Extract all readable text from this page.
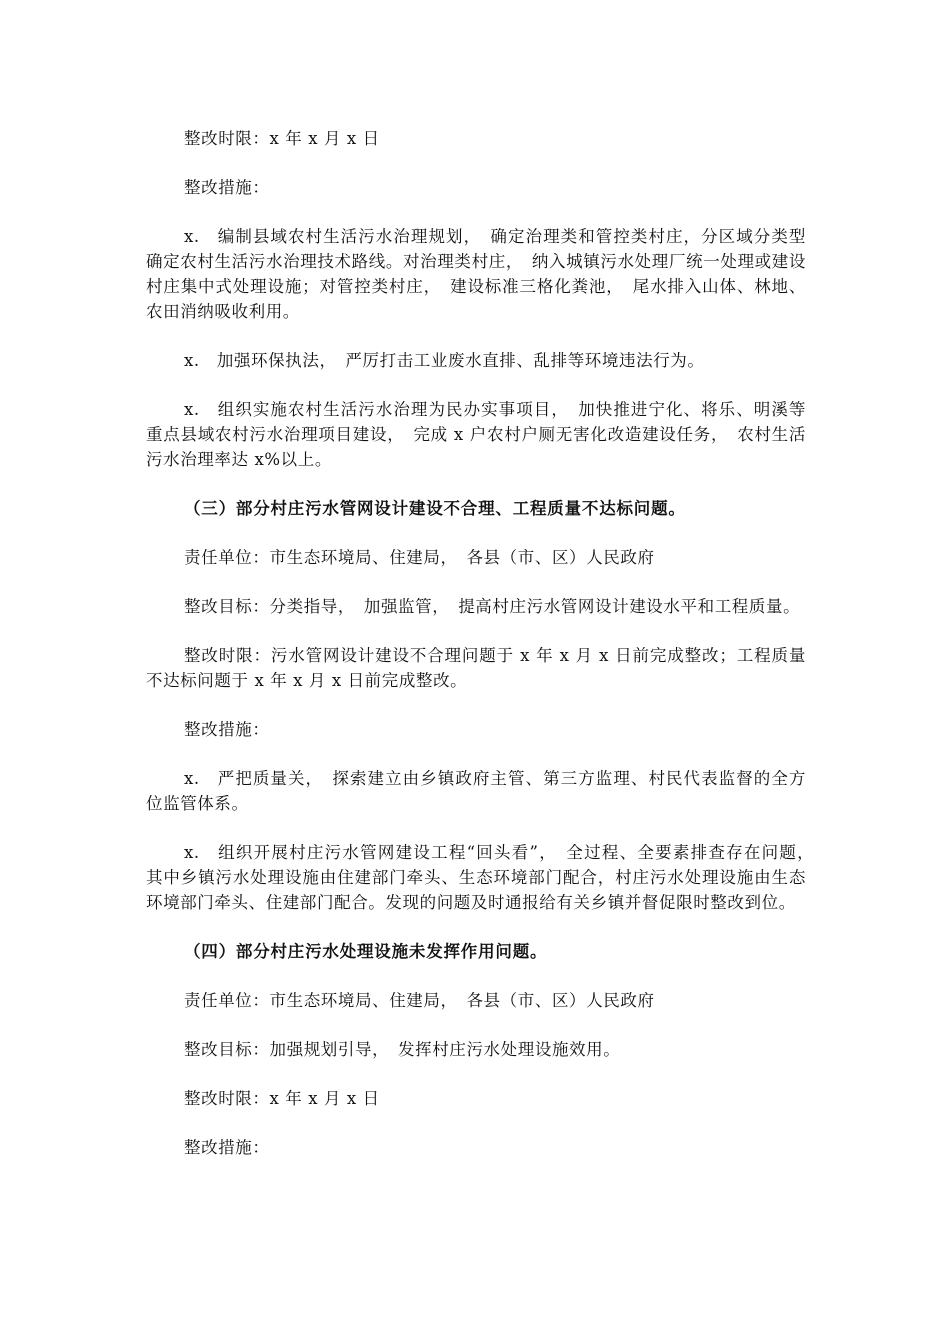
整改时限：x 年 x 月 x 日

整改措施：

x.　编制县域农村生活污水治理规划，　确定治理类和管控类村庄，分区域分类型确定农村生活污水治理技术路线。对治理类村庄，　纳入城镇污水处理厂统一处理或建设村庄集中式处理设施；对管控类村庄，　建设标准三格化粪池，　尾水排入山体、林地、农田消纳吸收利用。

x.　加强环保执法，　严厉打击工业废水直排、乱排等环境违法行为。

x.　组织实施农村生活污水治理为民办实事项目，　加快推进宁化、将乐、明溪等重点县域农村污水治理项目建设，　完成 x 户农村户厕无害化改造建设任务，　农村生活污水治理率达 x%以上。

（三）部分村庄污水管网设计建设不合理、工程质量不达标问题。

责任单位：市生态环境局、住建局，　各县（市、区）人民政府

整改目标：分类指导，　加强监管，　提高村庄污水管网设计建设水平和工程质量。

整改时限：污水管网设计建设不合理问题于 x 年 x 月 x 日前完成整改；工程质量不达标问题于 x 年 x 月 x 日前完成整改。

整改措施：

x.　严把质量关，　探索建立由乡镇政府主管、第三方监理、村民代表监督的全方位监管体系。

x.　组织开展村庄污水管网建设工程“回头看”，　全过程、全要素排查存在问题，　其中乡镇污水处理设施由住建部门牵头、生态环境部门配合，村庄污水处理设施由生态环境部门牵头、住建部门配合。发现的问题及时通报给有关乡镇并督促限时整改到位。

（四）部分村庄污水处理设施未发挥作用问题。

责任单位：市生态环境局、住建局，　各县（市、区）人民政府

整改目标：加强规划引导，　发挥村庄污水处理设施效用。

整改时限：x 年 x 月 x 日

整改措施：
